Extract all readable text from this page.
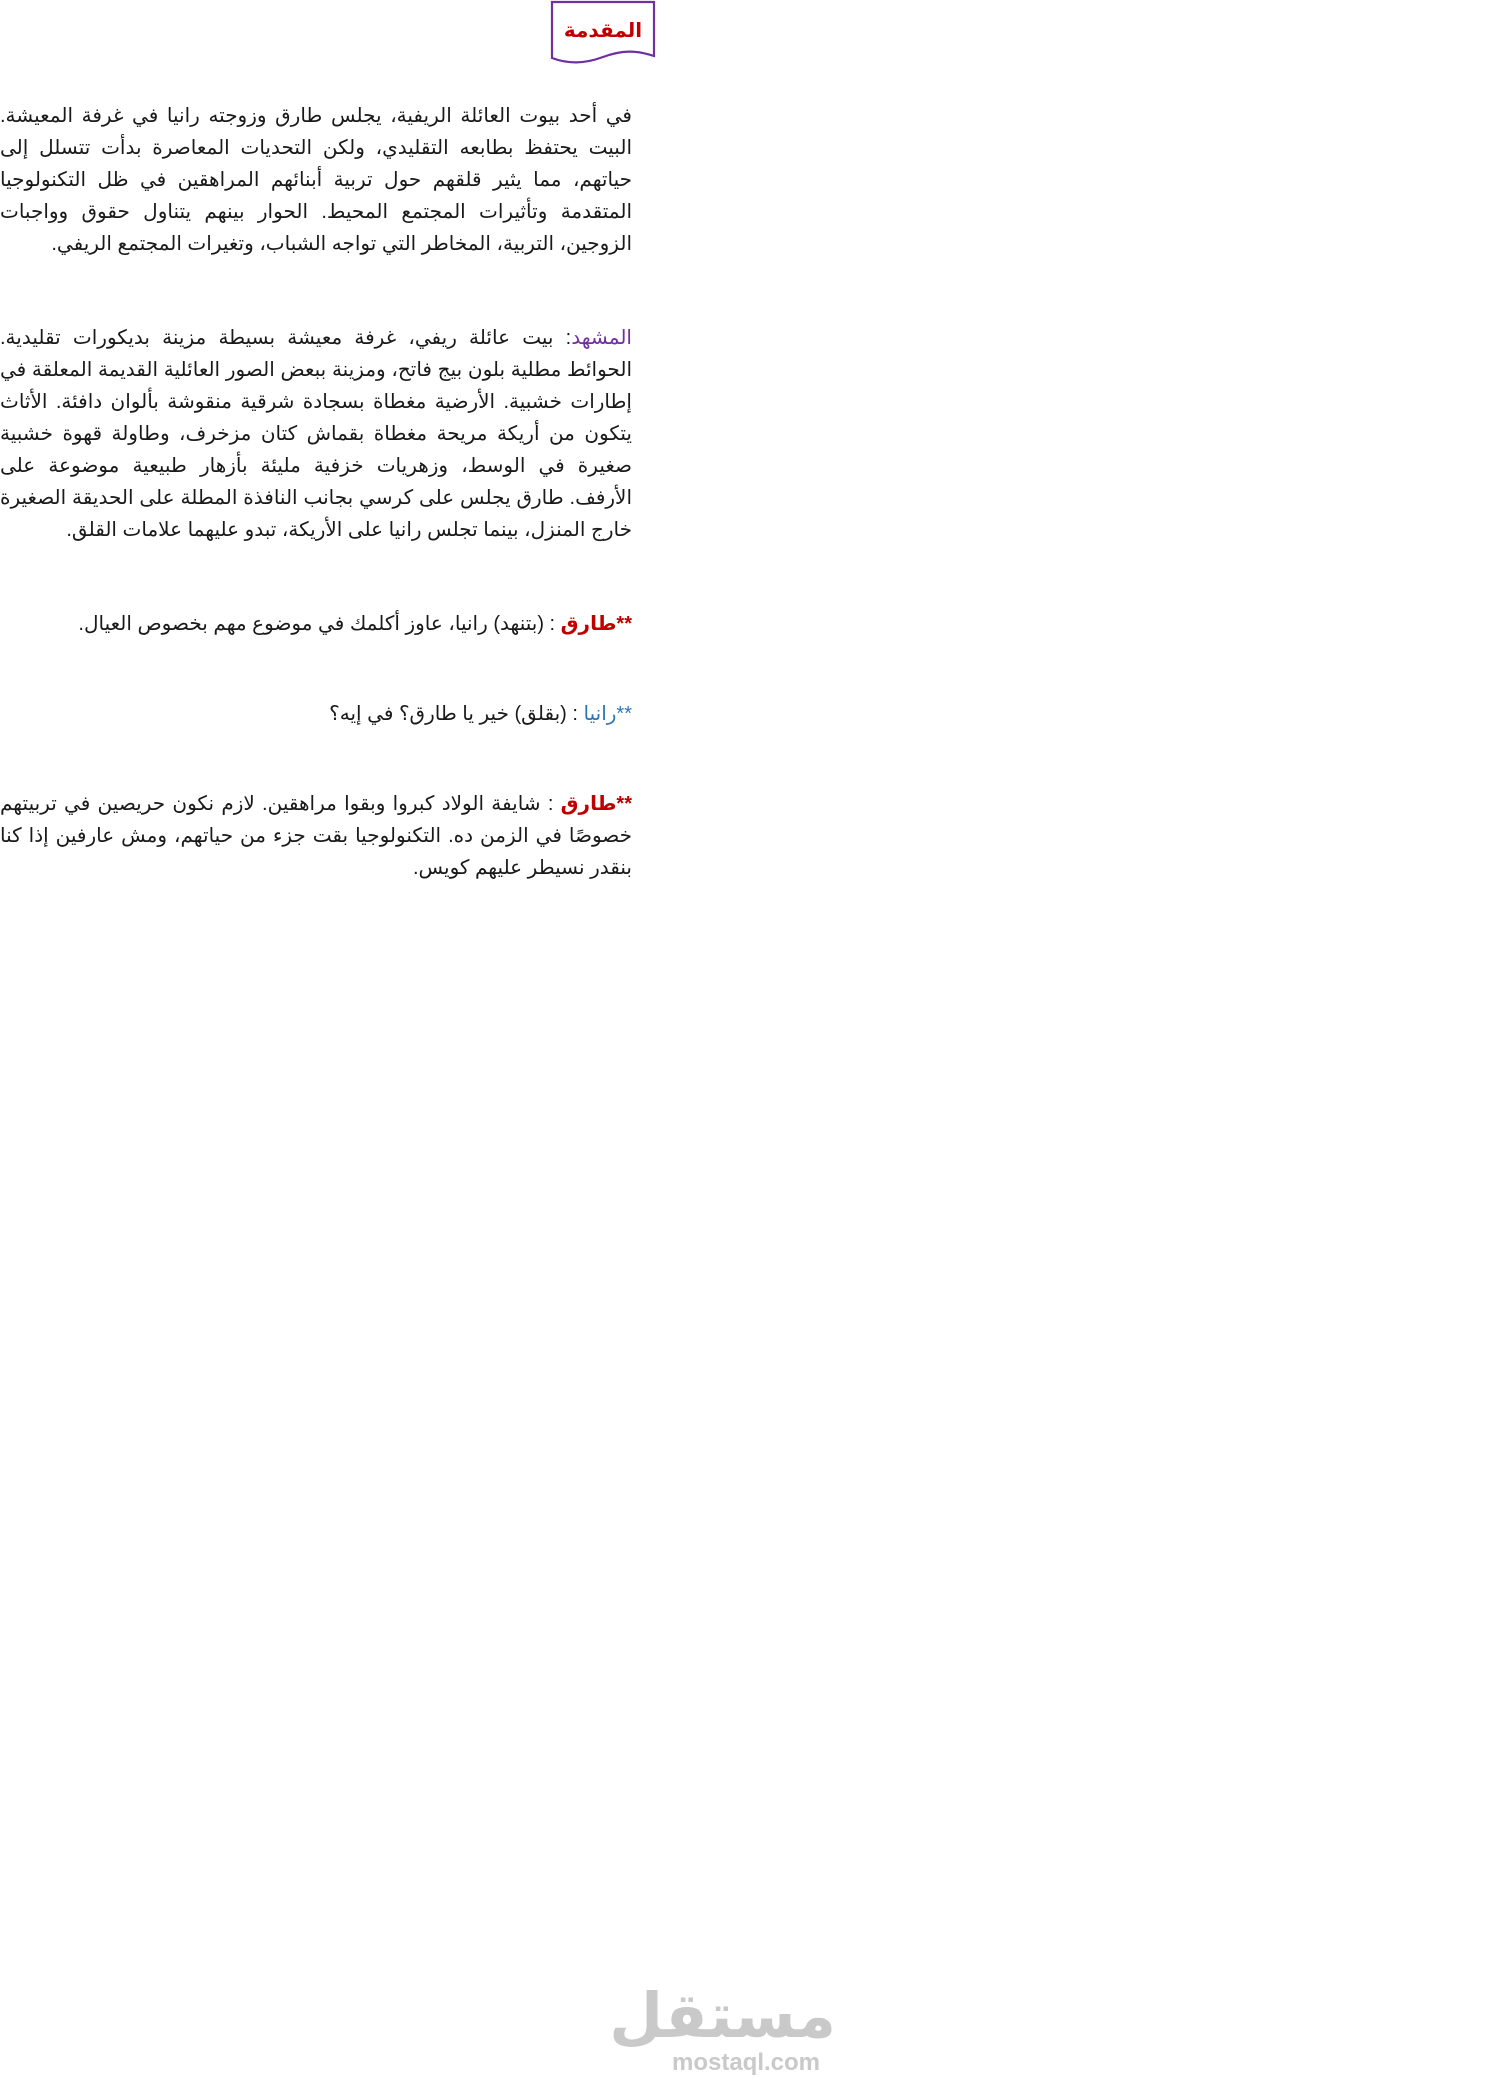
المقدمة

في أحد بيوت العائلة الريفية، يجلس طارق وزوجته رانيا في غرفة المعيشة. البيت يحتفظ بطابعه التقليدي، ولكن التحديات المعاصرة بدأت تتسلل إلى حياتهم، مما يثير قلقهم حول تربية أبنائهم المراهقين في ظل التكنولوجيا المتقدمة وتأثيرات المجتمع المحيط. الحوار بينهم يتناول حقوق وواجبات الزوجين، التربية، المخاطر التي تواجه الشباب، وتغيرات المجتمع الريفي.

المشهد: بيت عائلة ريفي، غرفة معيشة بسيطة مزينة بديكورات تقليدية. الحوائط مطلية بلون بيج فاتح، ومزينة ببعض الصور العائلية القديمة المعلقة في إطارات خشبية. الأرضية مغطاة بسجادة شرقية منقوشة بألوان دافئة. الأثاث يتكون من أريكة مريحة مغطاة بقماش كتان مزخرف، وطاولة قهوة خشبية صغيرة في الوسط، وزهريات خزفية مليئة بأزهار طبيعية موضوعة على الأرفف. طارق يجلس على كرسي بجانب النافذة المطلة على الحديقة الصغيرة خارج المنزل، بينما تجلس رانيا على الأريكة، تبدو عليهما علامات القلق.

**طارق : (بتنهد) رانيا، عاوز أكلمك في موضوع مهم بخصوص العيال.

**رانيا : (بقلق) خير يا طارق؟ في إيه؟

**طارق : شايفة الولاد كبروا وبقوا مراهقين. لازم نكون حريصين في تربيتهم خصوصًا في الزمن ده. التكنولوجيا بقت جزء من حياتهم، ومش عارفين إذا كنا بنقدر نسيطر عليهم كويس.

مستقل
mostaql.com
